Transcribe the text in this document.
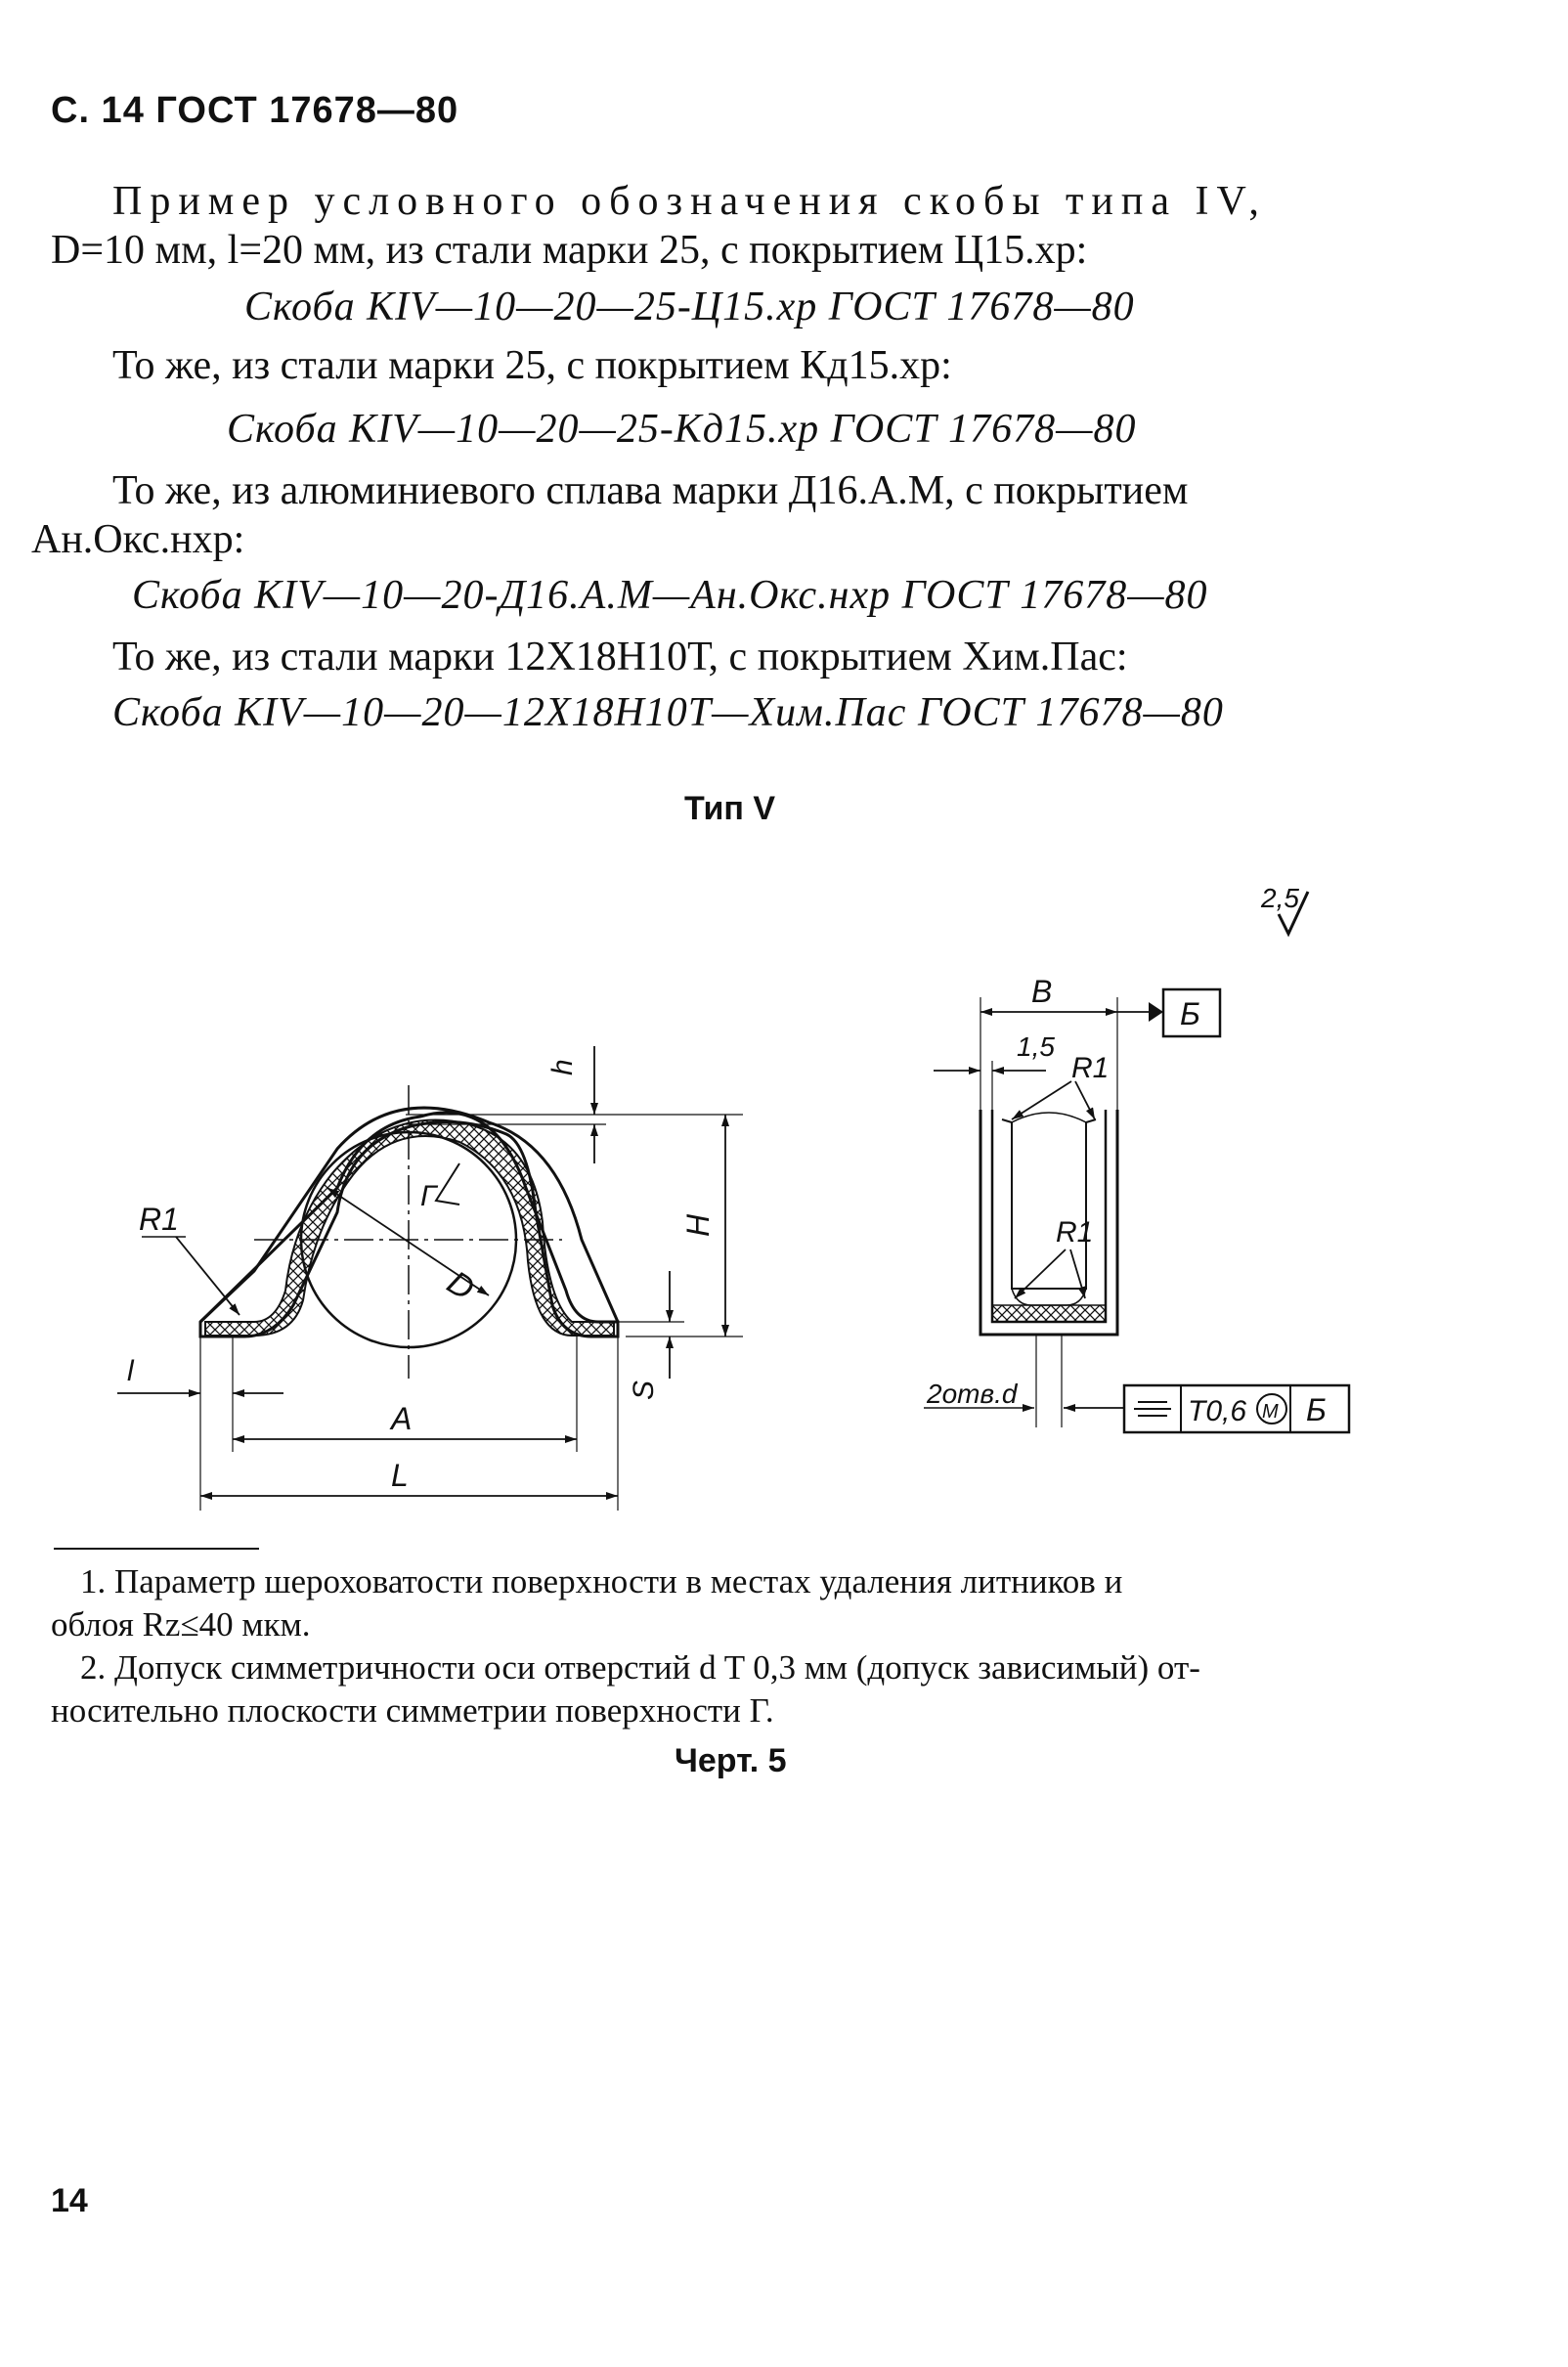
С. 14 ГОСТ 17678—80
Пример условного обозначения скобы типа IV,
D=10 мм, l=20 мм, из стали марки 25, с покрытием Ц15.хр:
Скоба KIV—10—20—25-Ц15.хр ГОСТ 17678—80
То же, из стали марки 25, с покрытием Кд15.хр:
Скоба KIV—10—20—25-Кд15.хр ГОСТ 17678—80
То же, из алюминиевого сплава марки Д16.А.М, с покрытием
Ан.Окс.нхр:
Скоба KIV—10—20-Д16.А.М—Ан.Окс.нхр ГОСТ 17678—80
То же, из стали марки 12Х18Н10Т, с покрытием Хим.Пас:
Скоба KIV—10—20—12Х18Н10Т—Хим.Пас ГОСТ 17678—80
Тип V
2,5
D
Г
R1
h
H
S
l
A
L
B
Б
1,5
R1
R1
2отв.d
T0,6 M Б
1. Параметр шероховатости поверхности в местах удаления литников и
облоя Rz≤40 мкм.
2. Допуск симметричности оси отверстий d T 0,3 мм (допуск зависимый) от-
носительно плоскости симметрии поверхности Г.
Черт. 5
14
